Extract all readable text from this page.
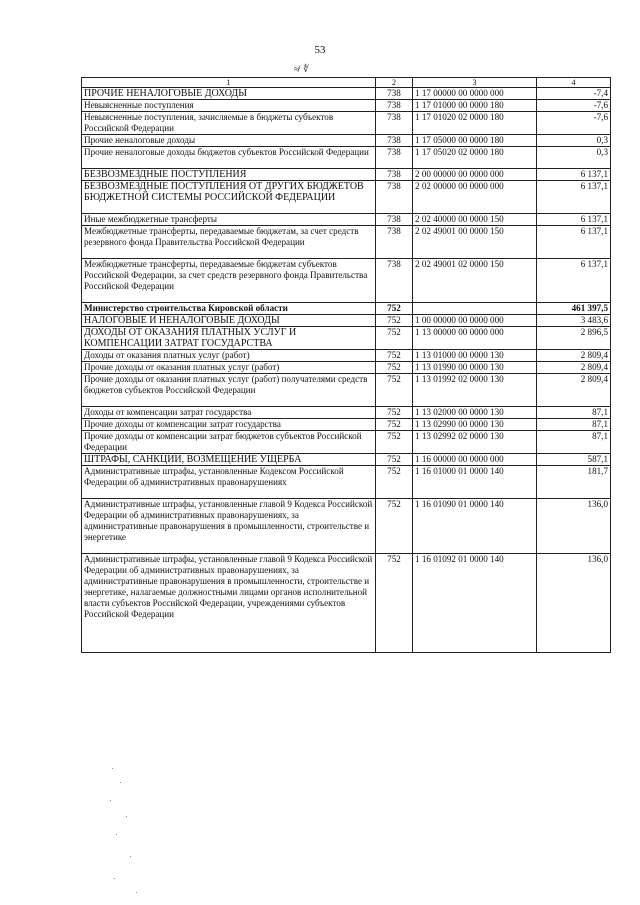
53
≉ ∜
1	2	3	4
ПРОЧИЕ НЕНАЛОГОВЫЕ ДОХОДЫ	738	1 17 00000 00 0000 000	-7,4
Невыясненные поступления	738	1 17 01000 00 0000 180	-7,6
Невыясненные поступления, зачисляемые в бюджеты субъектов Российской Федерации	738	1 17 01020 02 0000 180	-7,6
Прочие неналоговые доходы	738	1 17 05000 00 0000 180	0,3
Прочие неналоговые доходы бюджетов субъектов Российской Федерации	738	1 17 05020 02 0000 180	0,3
БЕЗВОЗМЕЗДНЫЕ ПОСТУПЛЕНИЯ	738	2 00 00000 00 0000 000	6 137,1
БЕЗВОЗМЕЗДНЫЕ ПОСТУПЛЕНИЯ ОТ ДРУГИХ БЮДЖЕТОВ БЮДЖЕТНОЙ СИСТЕМЫ РОССИЙСКОЙ ФЕДЕРАЦИИ	738	2 02 00000 00 0000 000	6 137,1
Иные межбюджетные трансферты	738	2 02 40000 00 0000 150	6 137,1
Межбюджетные трансферты, передаваемые бюджетам, за счет средств резервного фонда Правительства Российской Федерации	738	2 02 49001 00 0000 150	6 137,1
Межбюджетные трансферты, передаваемые бюджетам субъектов Российской Федерации, за счет средств резервного фонда Правительства Российской Федерации	738	2 02 49001 02 0000 150	6 137,1
Министерство строительства Кировской области	752		461 397,5
НАЛОГОВЫЕ И НЕНАЛОГОВЫЕ ДОХОДЫ	752	1 00 00000 00 0000 000	3 483,6
ДОХОДЫ ОТ ОКАЗАНИЯ ПЛАТНЫХ УСЛУГ И КОМПЕНСАЦИИ ЗАТРАТ ГОСУДАРСТВА	752	1 13 00000 00 0000 000	2 896,5
Доходы от оказания платных услуг (работ)	752	1 13 01000 00 0000 130	2 809,4
Прочие доходы от оказания платных услуг (работ)	752	1 13 01990 00 0000 130	2 809,4
Прочие доходы от оказания платных услуг (работ) получателями средств бюджетов субъектов Российской Федерации	752	1 13 01992 02 0000 130	2 809,4
Доходы от компенсации затрат государства	752	1 13 02000 00 0000 130	87,1
Прочие доходы от компенсации затрат государства	752	1 13 02990 00 0000 130	87,1
Прочие доходы от компенсации затрат бюджетов субъектов Российской Федерации	752	1 13 02992 02 0000 130	87,1
ШТРАФЫ, САНКЦИИ, ВОЗМЕЩЕНИЕ УЩЕРБА	752	1 16 00000 00 0000 000	587,1
Административные штрафы, установленные Кодексом Российской Федерации об административных правонарушениях	752	1 16 01000 01 0000 140	181,7
Административные штрафы, установленные главой 9 Кодекса Российской Федерации об административных правонарушениях, за административные правонарушения в промышленности, строительстве и энергетике	752	1 16 01090 01 0000 140	136,0
Административные штрафы, установленные главой 9 Кодекса Российской Федерации об административных правонарушениях, за административные правонарушения в промышленности, строительстве и энергетике, налагаемые должностными лицами органов исполнительной власти субъектов Российской Федерации, учреждениями субъектов Российской Федерации	752	1 16 01092 01 0000 140	136,0
